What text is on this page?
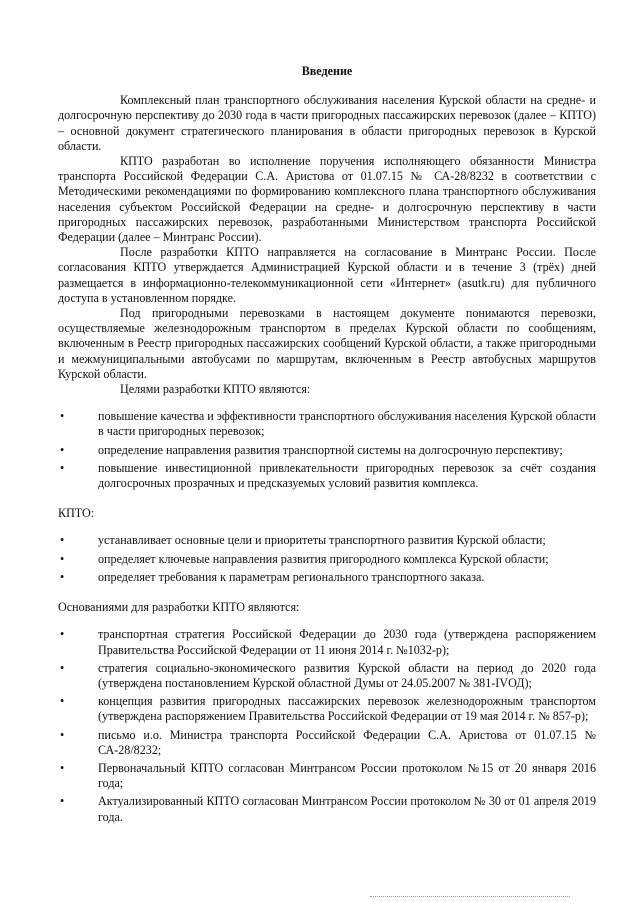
Введение

Комплексный план транспортного обслуживания населения Курской области на средне- и долгосрочную перспективу до 2030 года в части пригородных пассажирских перевозок (далее – КПТО) – основной документ стратегического планирования в области пригородных перевозок в Курской области.

КПТО разработан во исполнение поручения исполняющего обязанности Министра транспорта Российской Федерации С.А. Аристова от 01.07.15 № СА-28/8232 в соответствии с Методическими рекомендациями по формированию комплексного плана транспортного обслуживания населения субъектом Российской Федерации на средне- и долгосрочную перспективу в части пригородных пассажирских перевозок, разработанными Министерством транспорта Российской Федерации (далее – Минтранс России).

После разработки КПТО направляется на согласование в Минтранс России. После согласования КПТО утверждается Администрацией Курской области и в течение 3 (трёх) дней размещается в информационно-телекоммуникационной сети «Интернет» (asutk.ru) для публичного доступа в установленном порядке.

Под пригородными перевозками в настоящем документе понимаются перевозки, осуществляемые железнодорожным транспортом в пределах Курской области по сообщениям, включенным в Реестр пригородных пассажирских сообщений Курской области, а также пригородными и межмуниципальными автобусами по маршрутам, включенным в Реестр автобусных маршрутов Курской области.

Целями разработки КПТО являются:

•	повышение качества и эффективности транспортного обслуживания населения Курской области в части пригородных перевозок;
•	определение направления развития транспортной системы на долгосрочную перспективу;
•	повышение инвестиционной привлекательности пригородных перевозок за счёт создания долгосрочных прозрачных и предсказуемых условий развития комплекса.

КПТО:

•	устанавливает основные цели и приоритеты транспортного развития Курской области;
•	определяет ключевые направления развития пригородного комплекса Курской области;
•	определяет требования к параметрам регионального транспортного заказа.

Основаниями для разработки КПТО являются:

•	транспортная стратегия Российской Федерации до 2030 года (утверждена распоряжением Правительства Российской Федерации от 11 июня 2014 г. №1032-р);
•	стратегия социально-экономического развития Курской области на период до 2020 года (утверждена постановлением Курской областной Думы от 24.05.2007 № 381-IVОД);
•	концепция развития пригородных пассажирских перевозок железнодорожным транспортом (утверждена распоряжением Правительства Российской Федерации от 19 мая 2014 г. № 857-р);
•	письмо и.о. Министра транспорта Российской Федерации С.А. Аристова от 01.07.15 № СА-28/8232;
•	Первоначальный КПТО согласован Минтрансом России протоколом №15 от 20 января 2016 года;
•	Актуализированный КПТО согласован Минтрансом России протоколом № 30 от 01 апреля 2019 года.
